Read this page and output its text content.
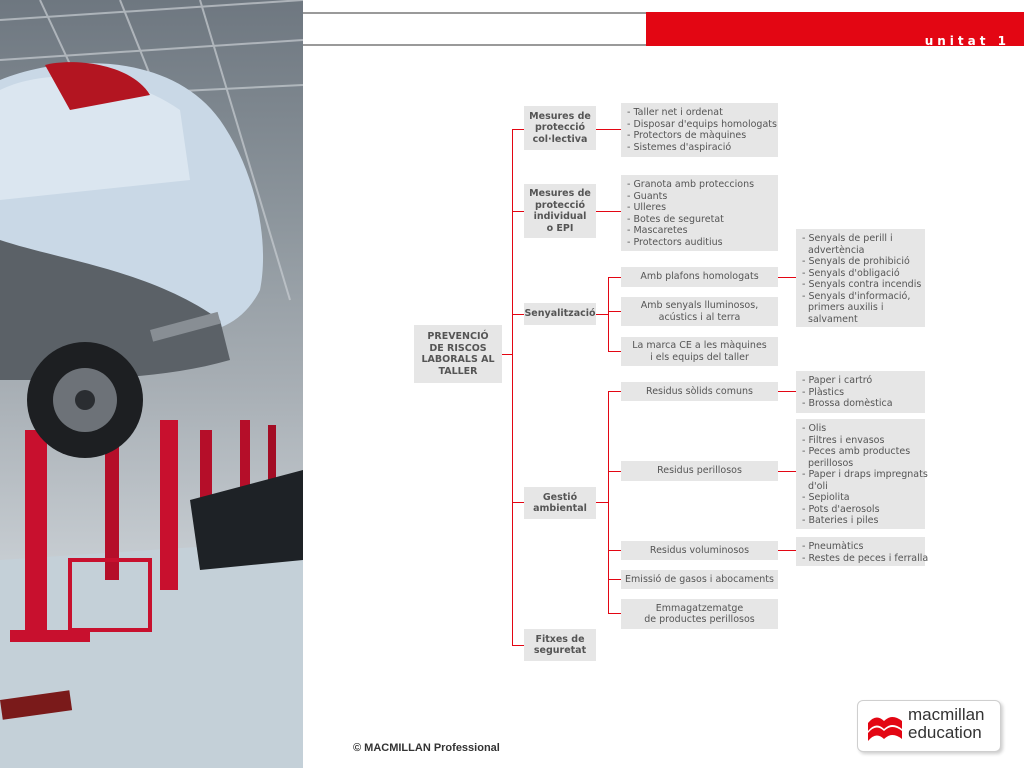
unitat 1
PREVENCIÓ
DE RISCOS
LABORALS AL
TALLER
Mesures de
protecció
col·lectiva
Mesures de
protecció
individual
o EPI
Senyalització
Gestió
ambiental
Fitxes de
seguretat
- Taller net i ordenat
- Disposar d'equips homologats
- Protectors de màquines
- Sistemes d'aspiració
- Granota amb proteccions
- Guants
- Ulleres
- Botes de seguretat
- Mascaretes
- Protectors auditius
Amb plafons homologats
Amb senyals lluminosos,
acústics i al terra
La marca CE a les màquines
i els equips del taller
- Senyals de perill i
advertència
- Senyals de prohibició
- Senyals d'obligació
- Senyals contra incendis
- Senyals d'informació,
primers auxilis i
salvament
Residus sòlids comuns
Residus perillosos
Residus voluminosos
Emissió de gasos i abocaments
Emmagatzematge
de productes perillosos
- Paper i cartró
- Plàstics
- Brossa domèstica
- Olis
- Filtres i envasos
- Peces amb productes
perillosos
- Paper i draps impregnats
d'oli
- Sepiolita
- Pots d'aerosols
- Bateries i piles
- Pneumàtics
- Restes de peces i ferralla
© MACMILLAN Professional
macmillan
education
